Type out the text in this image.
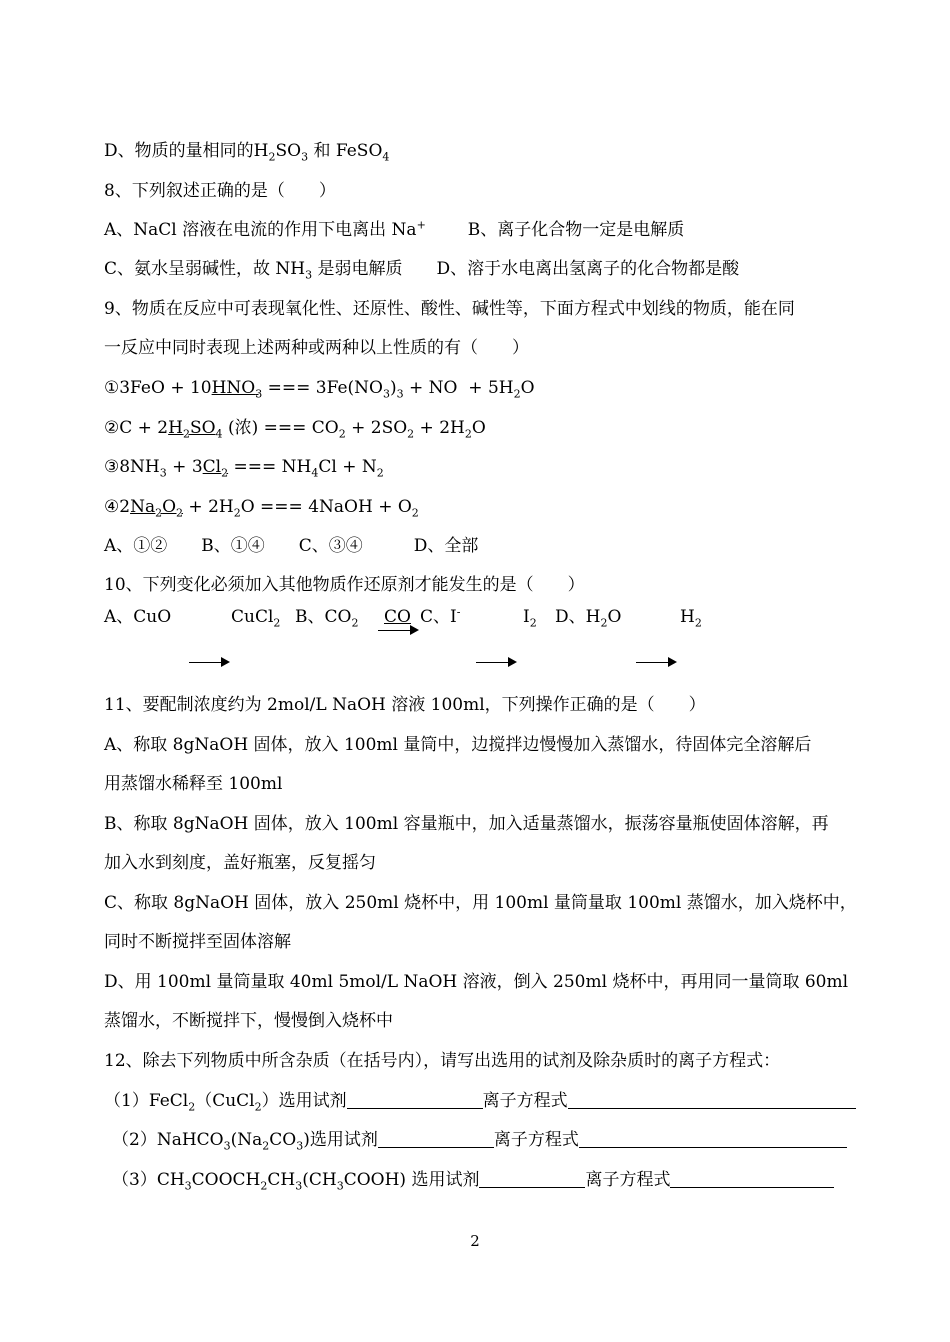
D、物质的量相同的$H_2SO_3$ 和 FeSO$_4$
8、下列叙述正确的是（　　）
A、NaCl 溶液在电流的作用下电离出 Na+ B、离子化合物一定是电解质
C、氨水呈弱碱性，故 $NH_3$ 是弱电解质 D、溶于水电离出氢离子的化合物都是酸
9、物质在反应中可表现氧化性、还原性、酸性、碱性等，下面方程式中划线的物质，能在同
一反应中同时表现上述两种或两种以上性质的有（　　）
①3FeO + $10HNO_3$ === $3Fe(NO_3)_3$ + NO  + $5H_2O$
②C + $2H_2SO_4$ (浓) === $CO_2 + 2SO_2 + 2H_2O$
$③8NH_3 + 3Cl_2$ === $NH_4Cl + N_2$
$④2Na_2O_2 + 2H_2O$ === 4NaOH + $O_2$
A、①②　　B、①④　　C、③④　　　D、全部
10、下列变化必须加入其他物质作还原剂才能发生的是（　　）
A、CuO	CuCl$_2$ B、$CO_2$ CO C、I-	$I_2$ D、$H_2O$	$H_2$
11、要配制浓度约为 2mol/L NaOH 溶液 100ml，下列操作正确的是（　　）
A、称取 8gNaOH 固体，放入 100ml 量筒中，边搅拌边慢慢加入蒸馏水，待固体完全溶解后
用蒸馏水稀释至 100ml
B、称取 8gNaOH 固体，放入 100ml 容量瓶中，加入适量蒸馏水，振荡容量瓶使固体溶解，再
加入水到刻度，盖好瓶塞，反复摇匀
C、称取 8gNaOH 固体，放入 250ml 烧杯中，用 100ml 量筒量取 100ml 蒸馏水，加入烧杯中，
同时不断搅拌至固体溶解
D、用 100ml 量筒量取 40ml 5mol/L NaOH 溶液，倒入 250ml 烧杯中，再用同一量筒取 60ml
蒸馏水，不断搅拌下，慢慢倒入烧杯中
12、除去下列物质中所含杂质（在括号内），请写出选用的试剂及除杂质时的离子方程式：
（1）FeCl$_2$（CuCl$_2$）选用试剂	离子方程式
$(2)NaHCO_3(Na_2CO_3)$选用试剂	离子方程式
$(3)CH_3COOCH_2CH_3(CH_3COOH)$ 选用试剂	离子方程式
2
